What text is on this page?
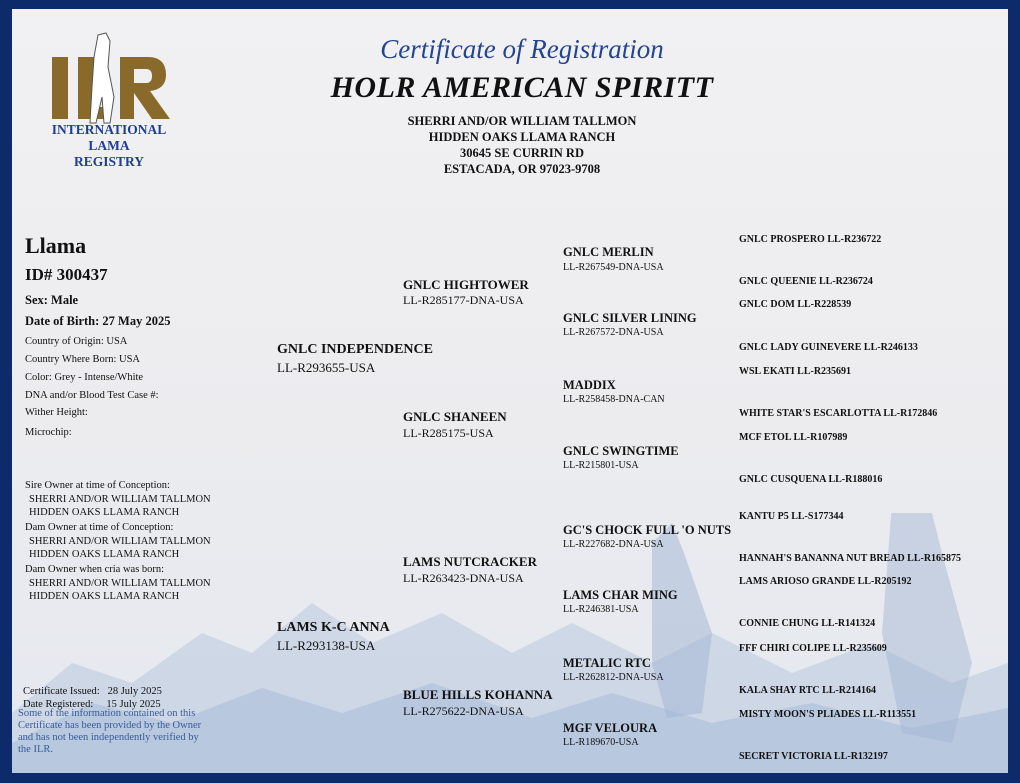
INTERNATIONAL
LAMA
REGISTRY
Certificate of Registration
HOLR AMERICAN SPIRITT
SHERRI AND/OR WILLIAM TALLMON
HIDDEN OAKS LLAMA RANCH
30645 SE CURRIN RD
ESTACADA, OR 97023-9708
Llama
ID# 300437
Sex: Male
Date of Birth: 27 May 2025
Country of Origin: USA
Country Where Born: USA
Color: Grey - Intense/White
DNA and/or Blood Test Case #:
Wither Height:
Microchip:
Sire Owner at time of Conception:
SHERRI AND/OR WILLIAM TALLMON
HIDDEN OAKS LLAMA RANCH
Dam Owner at time of Conception:
SHERRI AND/OR WILLIAM TALLMON
HIDDEN OAKS LLAMA RANCH
Dam Owner when cria was born:
SHERRI AND/OR WILLIAM TALLMON
HIDDEN OAKS LLAMA RANCH
Certificate Issued: 28 July 2025
Date Registered: 15 July 2025
Some of the information contained on this Certificate has been provided by the Owner and has not been independently verified by the ILR.
GNLC INDEPENDENCE
LL-R293655-USA
LAMS K-C ANNA
LL-R293138-USA
GNLC HIGHTOWER
LL-R285177-DNA-USA
GNLC SHANEEN
LL-R285175-USA
LAMS NUTCRACKER
LL-R263423-DNA-USA
BLUE HILLS KOHANNA
LL-R275622-DNA-USA
GNLC MERLIN
LL-R267549-DNA-USA
GNLC SILVER LINING
LL-R267572-DNA-USA
MADDIX
LL-R258458-DNA-CAN
GNLC SWINGTIME
LL-R215801-USA
GC'S CHOCK FULL 'O NUTS
LL-R227682-DNA-USA
LAMS CHAR MING
LL-R246381-USA
METALIC RTC
LL-R262812-DNA-USA
MGF VELOURA
LL-R189670-USA
GNLC PROSPERO LL-R236722
GNLC QUEENIE LL-R236724
GNLC DOM LL-R228539
GNLC LADY GUINEVERE LL-R246133
WSL EKATI LL-R235691
WHITE STAR'S ESCARLOTTA LL-R172846
MCF ETOL LL-R107989
GNLC CUSQUENA LL-R188016
KANTU P5 LL-S177344
HANNAH'S BANANNA NUT BREAD LL-R165875
LAMS ARIOSO GRANDE LL-R205192
CONNIE CHUNG LL-R141324
FFF CHIRI COLIPE LL-R235609
KALA SHAY RTC LL-R214164
MISTY MOON'S PLIADES LL-R113551
SECRET VICTORIA LL-R132197
